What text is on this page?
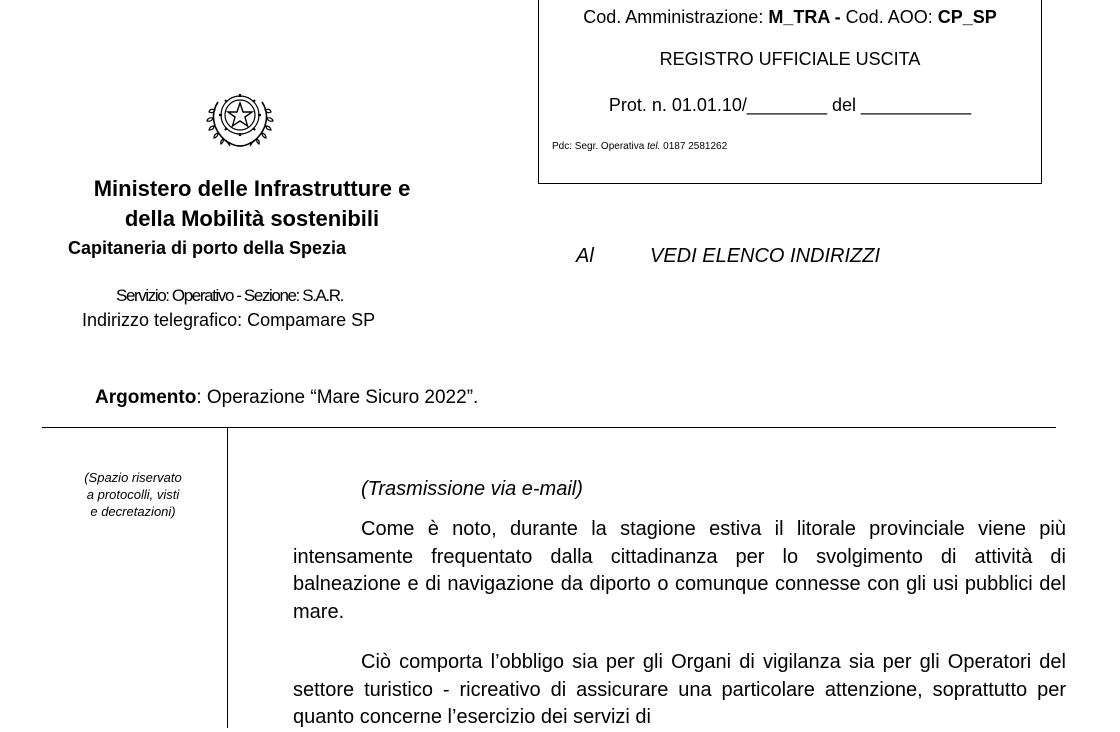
Cod. Amministrazione: M_TRA - Cod. AOO: CP_SP
REGISTRO UFFICIALE USCITA
Prot. n. 01.01.10/________ del ___________
Pdc: Segr. Operativa tel. 0187 2581262
Ministero delle Infrastrutture e
della Mobilità sostenibili
Capitaneria di porto della Spezia
Servizio: Operativo - Sezione: S.A.R.
Indirizzo telegrafico: Compamare SP
Al	VEDI ELENCO INDIRIZZI
Argomento: Operazione “Mare Sicuro 2022”.
(Spazio riservato
a protocolli, visti
e decretazioni)
(Trasmissione via e-mail)
Come è noto, durante la stagione estiva il litorale provinciale viene più intensamente frequentato dalla cittadinanza per lo svolgimento di attività di balneazione e di navigazione da diporto o comunque connesse con gli usi pubblici del mare.
Ciò comporta l’obbligo sia per gli Organi di vigilanza sia per gli Operatori del settore turistico - ricreativo di assicurare una particolare attenzione, soprattutto per quanto concerne l’esercizio dei servizi di
